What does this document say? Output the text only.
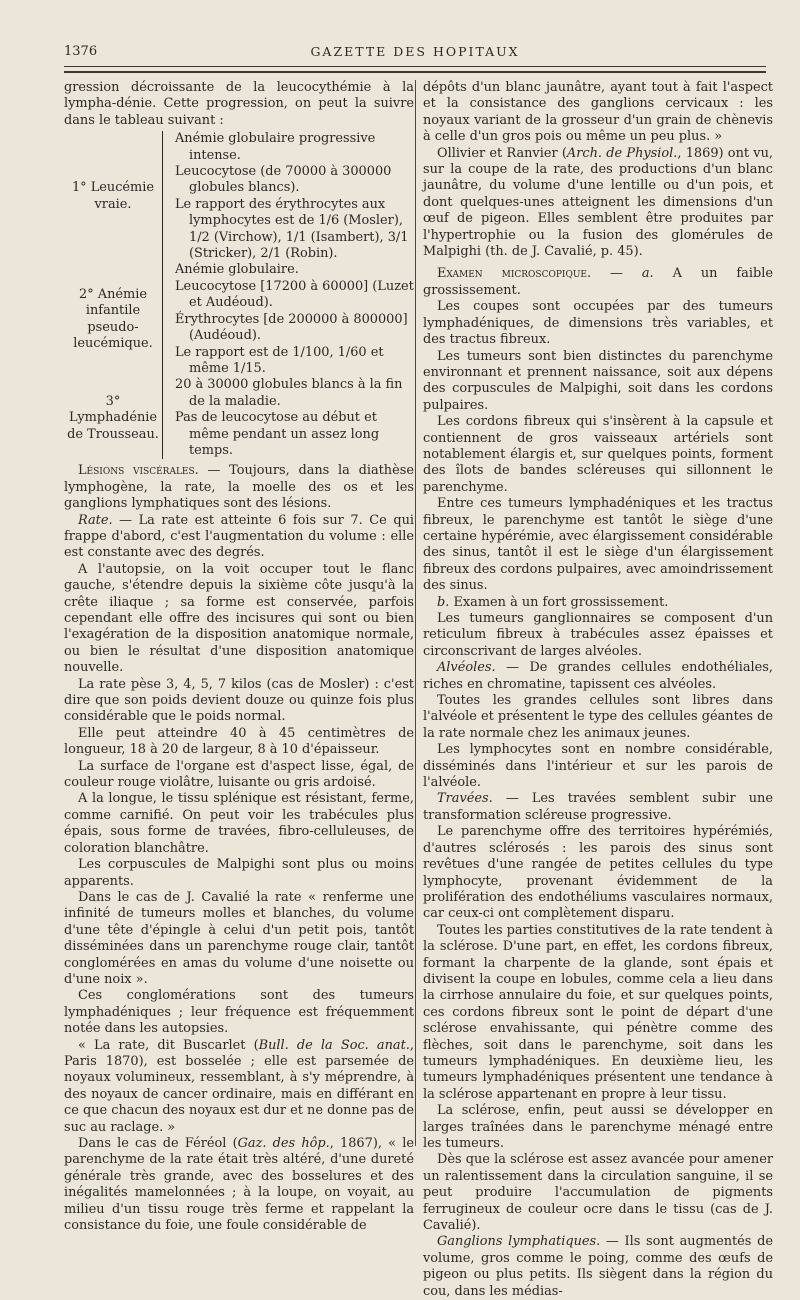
1376	GAZETTE DES HOPITAUX

gression décroissante de la leucocythémie à la lympha-dénie. Cette progression, on peut la suivre dans le tableau suivant :

1° Leucémie vraie.		Anémie globulaire progressive intense.
Leucocytose (de 70000 à 300000 globules blancs).
Le rapport des érythrocytes aux lymphocytes est de 1/6 (Mosler), 1/2 (Virchow), 1/1 (Isambert), 3/1 (Stricker), 2/1 (Robin).

2° Anémie infantile pseudo-leucémique.		Anémie globulaire.
Leucocytose [17200 à 60000] (Luzet et Audéoud).
Érythrocytes [de 200000 à 800000] (Audéoud).
Le rapport est de 1/100, 1/60 et même 1/15.

3° Lymphadénie de Trousseau.		20 à 30000 globules blancs à la fin de la maladie.
Pas de leucocytose au début et même pendant un assez long temps.

Lésions viscérales. — Toujours, dans la diathèse lymphogène, la rate, la moelle des os et les ganglions lymphatiques sont des lésions.

Rate. — La rate est atteinte 6 fois sur 7. Ce qui frappe d'abord, c'est l'augmentation du volume : elle est constante avec des degrés.

A l'autopsie, on la voit occuper tout le flanc gauche, s'étendre depuis la sixième côte jusqu'à la crête iliaque ; sa forme est conservée, parfois cependant elle offre des incisures qui sont ou bien l'exagération de la disposition anatomique normale, ou bien le résultat d'une disposition anatomique nouvelle.

La rate pèse 3, 4, 5, 7 kilos (cas de Mosler) : c'est dire que son poids devient douze ou quinze fois plus considérable que le poids normal.

Elle peut atteindre 40 à 45 centimètres de longueur, 18 à 20 de largeur, 8 à 10 d'épaisseur.

La surface de l'organe est d'aspect lisse, égal, de couleur rouge violâtre, luisante ou gris ardoisé.

A la longue, le tissu splénique est résistant, ferme, comme carnifié. On peut voir les trabécules plus épais, sous forme de travées, fibro-celluleuses, de coloration blanchâtre.

Les corpuscules de Malpighi sont plus ou moins apparents.

Dans le cas de J. Cavalié la rate « renferme une infinité de tumeurs molles et blanches, du volume d'une tête d'épingle à celui d'un petit pois, tantôt disséminées dans un parenchyme rouge clair, tantôt conglomérées en amas du volume d'une noisette ou d'une noix ».

Ces conglomérations sont des tumeurs lymphadéniques ; leur fréquence est fréquemment notée dans les autopsies.

« La rate, dit Buscarlet (Bull. de la Soc. anat., Paris 1870), est bosselée ; elle est parsemée de noyaux volumineux, ressemblant, à s'y méprendre, à des noyaux de cancer ordinaire, mais en différant en ce que chacun des noyaux est dur et ne donne pas de suc au raclage. »

Dans le cas de Féréol (Gaz. des hôp., 1867), « le parenchyme de la rate était très altéré, d'une dureté générale très grande, avec des bosselures et des inégalités mamelonnées ; à la loupe, on voyait, au milieu d'un tissu rouge très ferme et rappelant la consistance du foie, une foule considérable de

dépôts d'un blanc jaunâtre, ayant tout à fait l'aspect et la consistance des ganglions cervicaux : les noyaux variant de la grosseur d'un grain de chènevis à celle d'un gros pois ou même un peu plus. »

Ollivier et Ranvier (Arch. de Physiol., 1869) ont vu, sur la coupe de la rate, des productions d'un blanc jaunâtre, du volume d'une lentille ou d'un pois, et dont quelques-unes atteignent les dimensions d'un œuf de pigeon. Elles semblent être produites par l'hypertrophie ou la fusion des glomérules de Malpighi (th. de J. Cavalié, p. 45).

Examen microscopique. — a. A un faible grossissement.

Les coupes sont occupées par des tumeurs lymphadéniques, de dimensions très variables, et des tractus fibreux.

Les tumeurs sont bien distinctes du parenchyme environnant et prennent naissance, soit aux dépens des corpuscules de Malpighi, soit dans les cordons pulpaires.

Les cordons fibreux qui s'insèrent à la capsule et contiennent de gros vaisseaux artériels sont notablement élargis et, sur quelques points, forment des îlots de bandes scléreuses qui sillonnent le parenchyme.

Entre ces tumeurs lymphadéniques et les tractus fibreux, le parenchyme est tantôt le siège d'une certaine hypérémie, avec élargissement considérable des sinus, tantôt il est le siège d'un élargissement fibreux des cordons pulpaires, avec amoindrissement des sinus.

b. Examen à un fort grossissement.

Les tumeurs ganglionnaires se composent d'un reticulum fibreux à trabécules assez épaisses et circonscrivant de larges alvéoles.

Alvéoles. — De grandes cellules endothéliales, riches en chromatine, tapissent ces alvéoles.

Toutes les grandes cellules sont libres dans l'alvéole et présentent le type des cellules géantes de la rate normale chez les animaux jeunes.

Les lymphocytes sont en nombre considérable, disséminés dans l'intérieur et sur les parois de l'alvéole.

Travées. — Les travées semblent subir une transformation scléreuse progressive.

Le parenchyme offre des territoires hypérémiés, d'autres sclérosés : les parois des sinus sont revêtues d'une rangée de petites cellules du type lymphocyte, provenant évidemment de la prolifération des endothéliums vasculaires normaux, car ceux-ci ont complètement disparu.

Toutes les parties constitutives de la rate tendent à la sclérose. D'une part, en effet, les cordons fibreux, formant la charpente de la glande, sont épais et divisent la coupe en lobules, comme cela a lieu dans la cirrhose annulaire du foie, et sur quelques points, ces cordons fibreux sont le point de départ d'une sclérose envahissante, qui pénètre comme des flèches, soit dans le parenchyme, soit dans les tumeurs lymphadéniques. En deuxième lieu, les tumeurs lymphadéniques présentent une tendance à la sclérose appartenant en propre à leur tissu.

La sclérose, enfin, peut aussi se développer en larges traînées dans le parenchyme ménagé entre les tumeurs.

Dès que la sclérose est assez avancée pour amener un ralentissement dans la circulation sanguine, il se peut produire l'accumulation de pigments ferrugineux de couleur ocre dans le tissu (cas de J. Cavalié).

Ganglions lymphatiques. — Ils sont augmentés de volume, gros comme le poing, comme des œufs de pigeon ou plus petits. Ils siègent dans la région du cou, dans les médias-
